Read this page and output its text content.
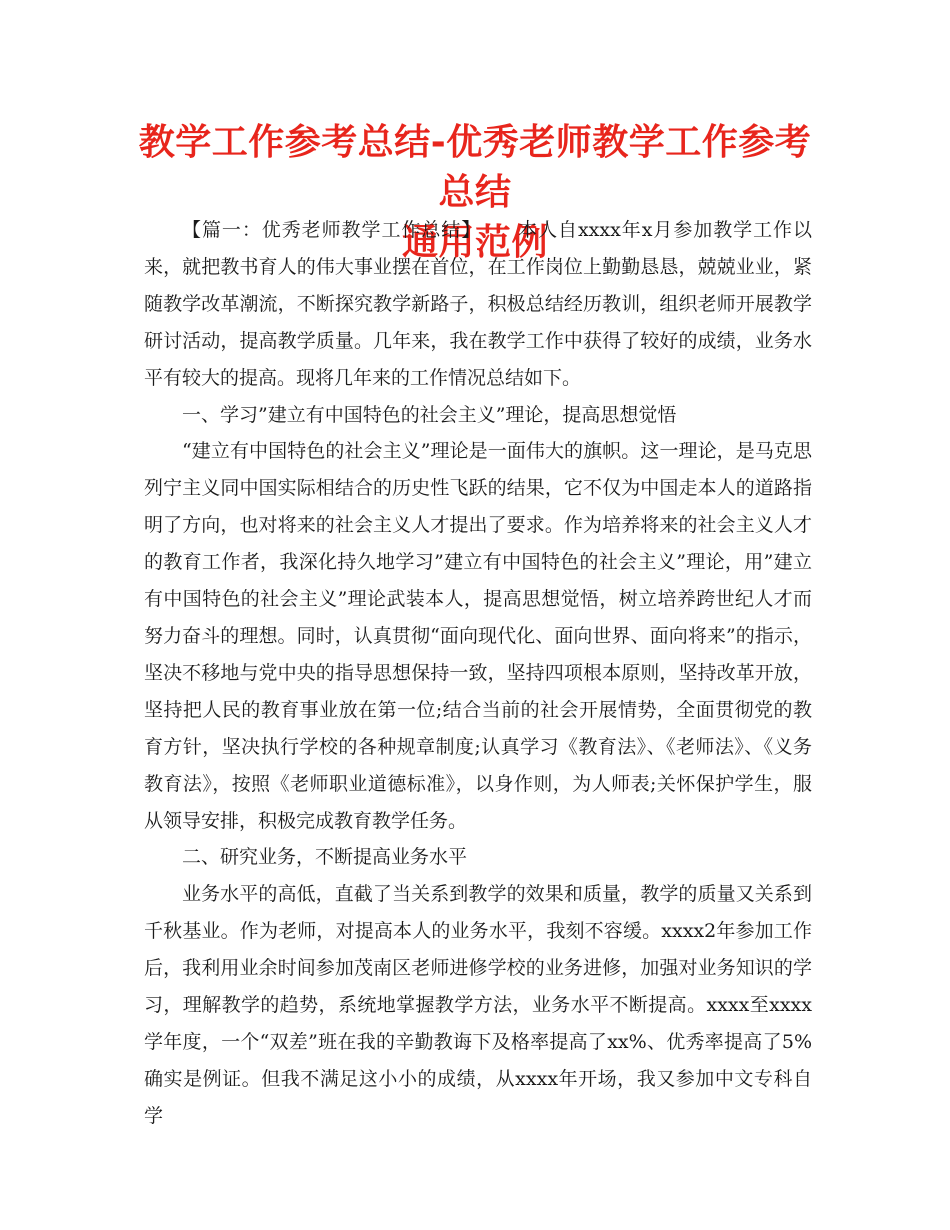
教学工作参考总结-优秀老师教学工作参考总结
通用范例

【篇一：优秀老师教学工作总结】 本人自xxxx年x月参加教学工作以来，就把教书育人的伟大事业摆在首位，在工作岗位上勤勤恳恳，兢兢业业，紧随教学改革潮流，不断探究教学新路子，积极总结经历教训，组织老师开展教学研讨活动，提高教学质量。几年来，我在教学工作中获得了较好的成绩，业务水平有较大的提高。现将几年来的工作情况总结如下。

一、学习”建立有中国特色的社会主义”理论，提高思想觉悟

“建立有中国特色的社会主义”理论是一面伟大的旗帜。这一理论，是马克思列宁主义同中国实际相结合的历史性飞跃的结果，它不仅为中国走本人的道路指明了方向，也对将来的社会主义人才提出了要求。作为培养将来的社会主义人才的教育工作者，我深化持久地学习”建立有中国特色的社会主义”理论，用”建立有中国特色的社会主义”理论武装本人，提高思想觉悟，树立培养跨世纪人才而努力奋斗的理想。同时，认真贯彻“面向现代化、面向世界、面向将来”的指示，坚决不移地与党中央的指导思想保持一致，坚持四项根本原则，坚持改革开放，坚持把人民的教育事业放在第一位;结合当前的社会开展情势，全面贯彻党的教育方针，坚决执行学校的各种规章制度;认真学习《教育法》、《老师法》、《义务教育法》，按照《老师职业道德标准》，以身作则，为人师表;关怀保护学生，服从领导安排，积极完成教育教学任务。

二、研究业务，不断提高业务水平

业务水平的高低，直截了当关系到教学的效果和质量，教学的质量又关系到千秋基业。作为老师，对提高本人的业务水平，我刻不容缓。xxxx2年参加工作后，我利用业余时间参加茂南区老师进修学校的业务进修，加强对业务知识的学习，理解教学的趋势，系统地掌握教学方法，业务水平不断提高。xxxx至xxxx学年度，一个“双差”班在我的辛勤教诲下及格率提高了xx%、优秀率提高了5%确实是例证。但我不满足这小小的成绩，从xxxx年开场，我又参加中文专科自学
